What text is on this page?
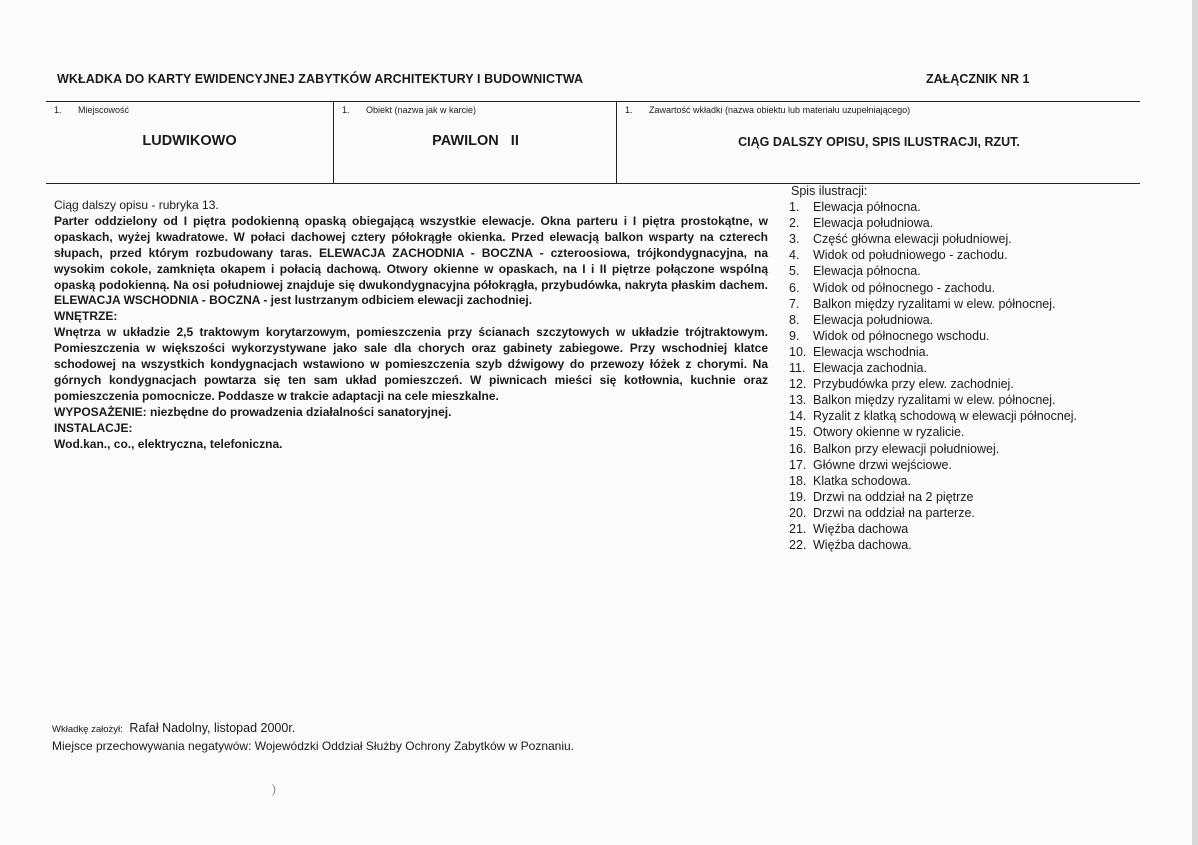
WKŁADKA DO KARTY EWIDENCYJNEJ ZABYTKÓW ARCHITEKTURY I BUDOWNICTWA	ZAŁĄCZNIK NR 1
1. Miejscowość
LUDWIKOWO
1. Obiekt (nazwa jak w karcie)
PAWILON   II
1. Zawartość wkładki (nazwa obiektu lub materiału uzupełniającego)
CIĄG DALSZY OPISU, SPIS ILUSTRACJI, RZUT.
Ciąg dalszy opisu - rubryka 13.
Parter oddzielony od I piętra podokienną opaską obiegającą wszystkie elewacje. Okna parteru i I piętra prostokątne, w opaskach, wyżej kwadratowe. W połaci dachowej cztery półokrągłe okienka. Przed elewacją balkon wsparty na czterech słupach, przed którym rozbudowany taras. ELEWACJA ZACHODNIA - BOCZNA - czteroosiowa, trójkondygnacyjna, na wysokim cokole, zamknięta okapem i połacią dachową. Otwory okienne w opaskach, na I i II piętrze połączone wspólną opaską podokienną. Na osi południowej znajduje się dwukondygnacyjna półokrągła, przybudówka, nakryta płaskim dachem. ELEWACJA WSCHODNIA - BOCZNA - jest lustrzanym odbiciem elewacji zachodniej.
WNĘTRZE:
Wnętrza w układzie 2,5 traktowym korytarzowym, pomieszczenia przy ścianach szczytowych w układzie trójtraktowym. Pomieszczenia w większości wykorzystywane jako sale dla chorych oraz gabinety zabiegowe. Przy wschodniej klatce schodowej na wszystkich kondygnacjach wstawiono w pomieszczenia szyb dźwigowy do przewozy łóżek z chorymi. Na górnych kondygnacjach powtarza się ten sam układ pomieszczeń. W piwnicach mieści się kotłownia, kuchnie oraz pomieszczenia pomocnicze. Poddasze w trakcie adaptacji na cele mieszkalne.
WYPOSAŻENIE: niezbędne do prowadzenia działalności sanatoryjnej.
INSTALACJE:
Wod.kan., co., elektryczna, telefoniczna.
Spis ilustracji:
1. Elewacja północna.
2. Elewacja południowa.
3. Część główna elewacji południowej.
4. Widok od południowego - zachodu.
5. Elewacja północna.
6. Widok od północnego - zachodu.
7. Balkon między ryzalitami w elew. północnej.
8. Elewacja południowa.
9. Widok od północnego wschodu.
10. Elewacja wschodnia.
11. Elewacja zachodnia.
12. Przybudówka przy elew. zachodniej.
13. Balkon między ryzalitami w elew. północnej.
14. Ryzalit z klatką schodową w elewacji północnej.
15. Otwory okienne w ryzalicie.
16. Balkon przy elewacji południowej.
17. Główne drzwi wejściowe.
18. Klatka schodowa.
19. Drzwi na oddział na 2 piętrze
20. Drzwi na oddział na parterze.
21. Więźba dachowa
22. Więźba dachowa.
Wkładkę założył: Rafał Nadolny, listopad 2000r.
Miejsce przechowywania negatywów: Wojewódzki Oddział Służby Ochrony Zabytków w Poznaniu.
)
